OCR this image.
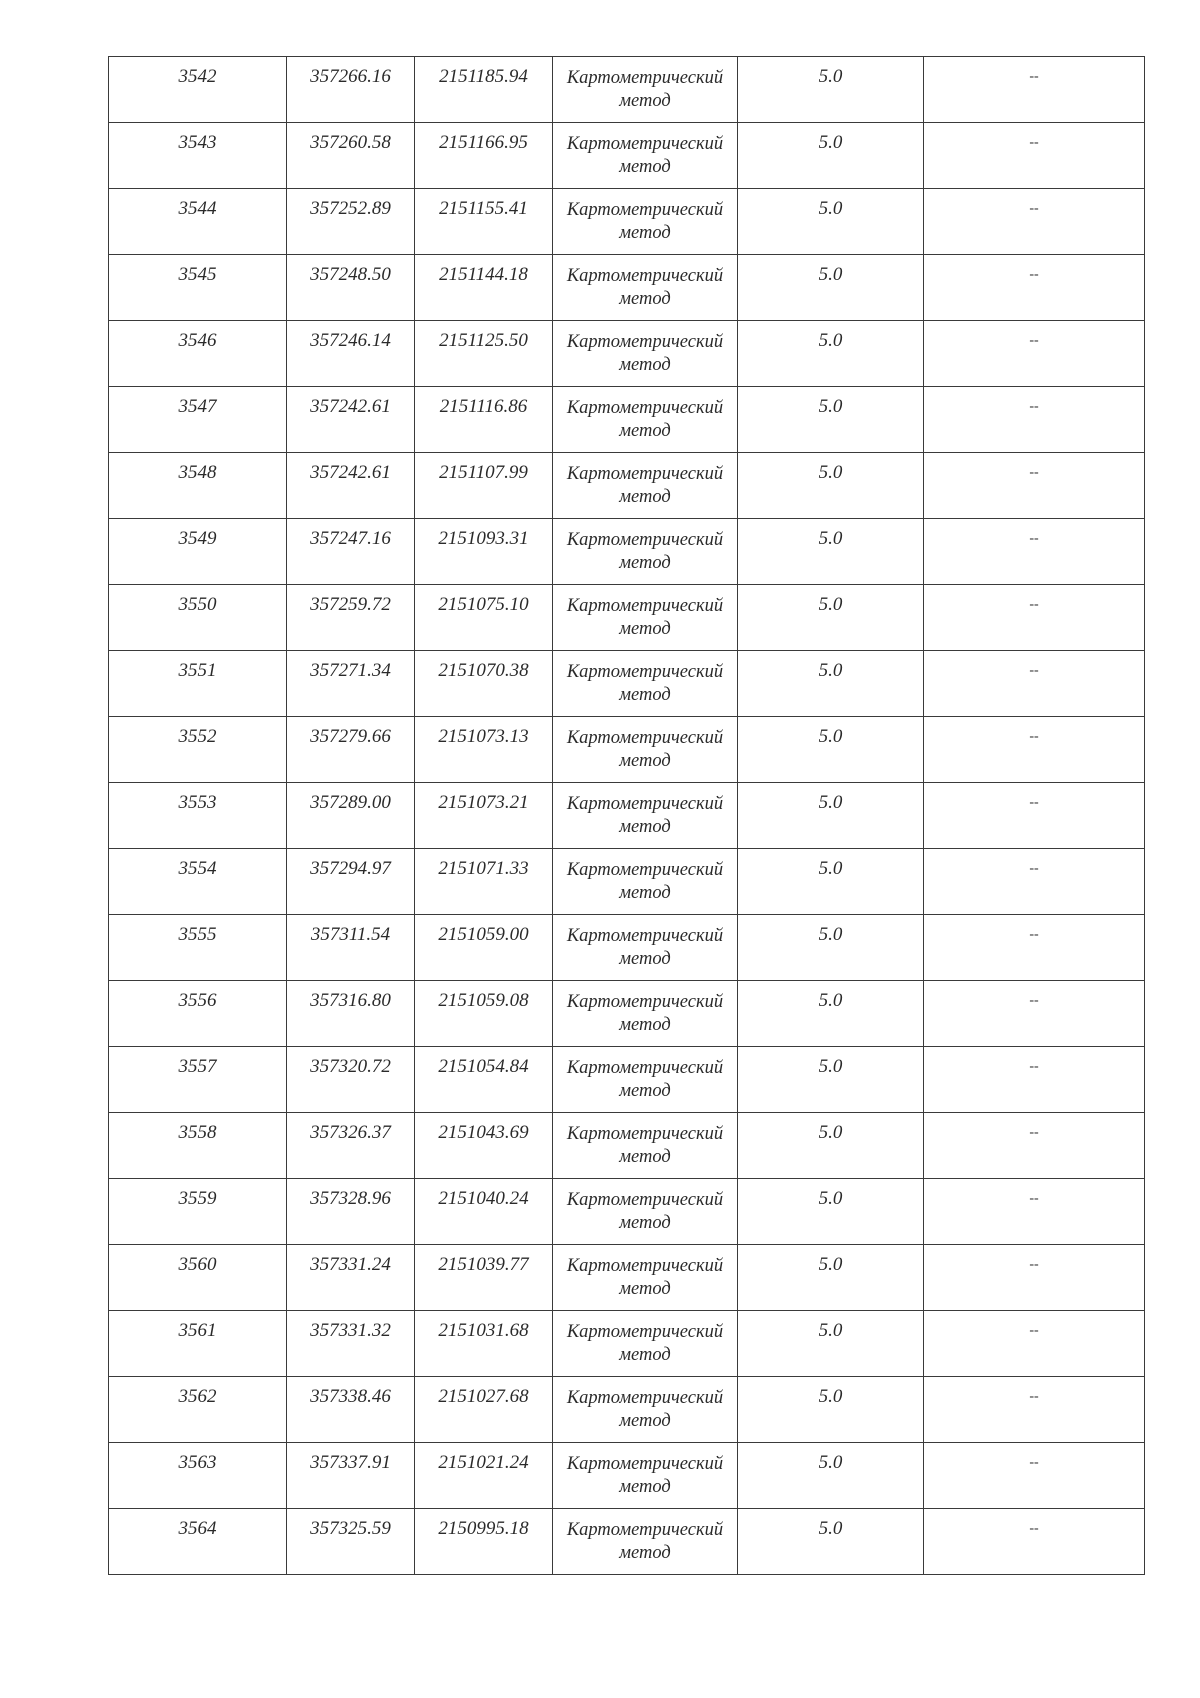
3542	357266.16	2151185.94	Картометрический метод	5.0	--
3543	357260.58	2151166.95	Картометрический метод	5.0	--
3544	357252.89	2151155.41	Картометрический метод	5.0	--
3545	357248.50	2151144.18	Картометрический метод	5.0	--
3546	357246.14	2151125.50	Картометрический метод	5.0	--
3547	357242.61	2151116.86	Картометрический метод	5.0	--
3548	357242.61	2151107.99	Картометрический метод	5.0	--
3549	357247.16	2151093.31	Картометрический метод	5.0	--
3550	357259.72	2151075.10	Картометрический метод	5.0	--
3551	357271.34	2151070.38	Картометрический метод	5.0	--
3552	357279.66	2151073.13	Картометрический метод	5.0	--
3553	357289.00	2151073.21	Картометрический метод	5.0	--
3554	357294.97	2151071.33	Картометрический метод	5.0	--
3555	357311.54	2151059.00	Картометрический метод	5.0	--
3556	357316.80	2151059.08	Картометрический метод	5.0	--
3557	357320.72	2151054.84	Картометрический метод	5.0	--
3558	357326.37	2151043.69	Картометрический метод	5.0	--
3559	357328.96	2151040.24	Картометрический метод	5.0	--
3560	357331.24	2151039.77	Картометрический метод	5.0	--
3561	357331.32	2151031.68	Картометрический метод	5.0	--
3562	357338.46	2151027.68	Картометрический метод	5.0	--
3563	357337.91	2151021.24	Картометрический метод	5.0	--
3564	357325.59	2150995.18	Картометрический метод	5.0	--
